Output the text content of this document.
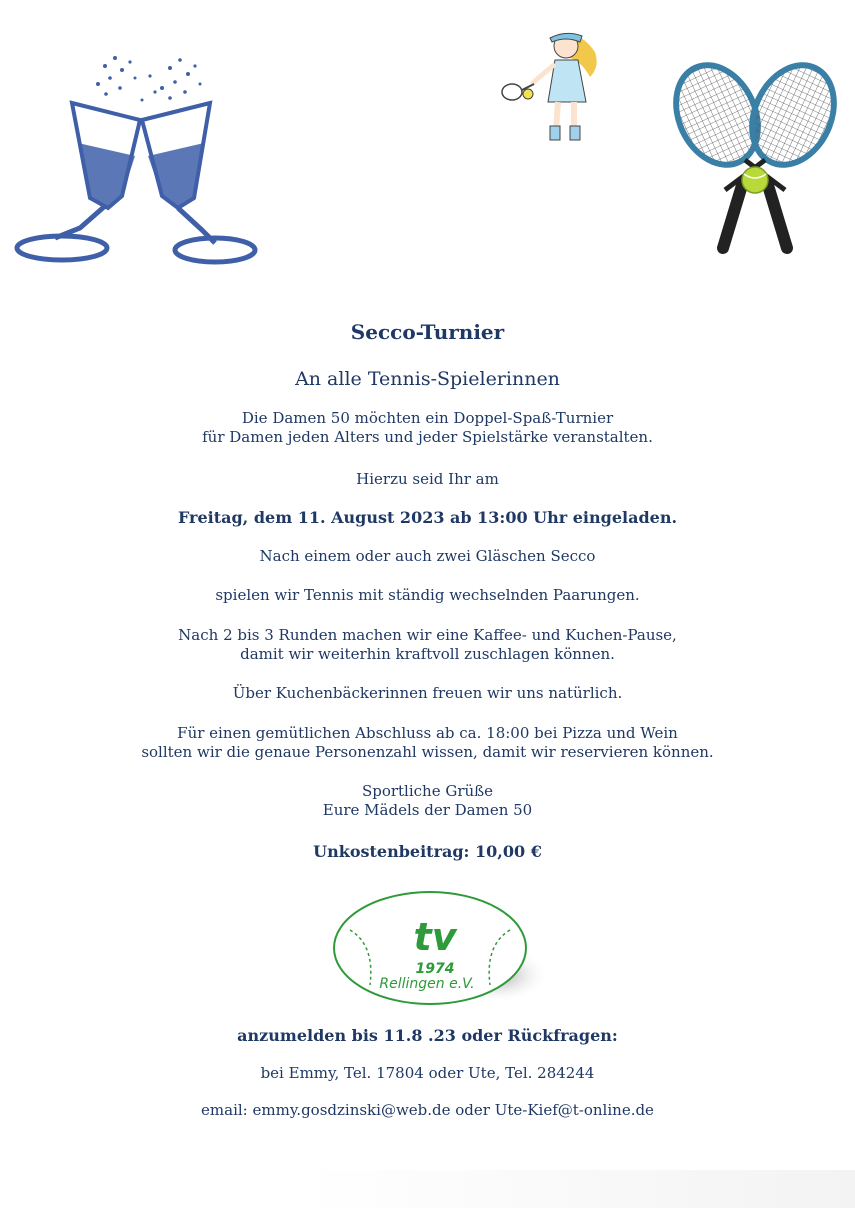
Secco-Turnier
An alle Tennis-Spielerinnen
Die Damen 50 möchten ein Doppel-Spaß-Turnier
für Damen jeden Alters und jeder Spielstärke veranstalten.
Hierzu seid Ihr am
Freitag, dem 11. August 2023 ab 13:00 Uhr eingeladen.
Nach einem oder auch zwei Gläschen Secco
spielen wir Tennis mit ständig wechselnden Paarungen.
Nach 2 bis 3 Runden machen wir eine Kaffee- und Kuchen-Pause,
damit wir weiterhin kraftvoll zuschlagen können.
Über Kuchenbäckerinnen freuen wir uns natürlich.
Für einen gemütlichen Abschluss ab ca. 18:00 bei Pizza und Wein
sollten wir die genaue Personenzahl wissen, damit wir reservieren können.
Sportliche Grüße
Eure Mädels der Damen 50
Unkostenbeitrag: 10,00 €
tv
1974
Rellingen e.V.
anzumelden bis 11.8 .23 oder Rückfragen:
bei Emmy, Tel. 17804 oder Ute, Tel. 284244
email: emmy.gosdzinski@web.de oder Ute-Kief@t-online.de
